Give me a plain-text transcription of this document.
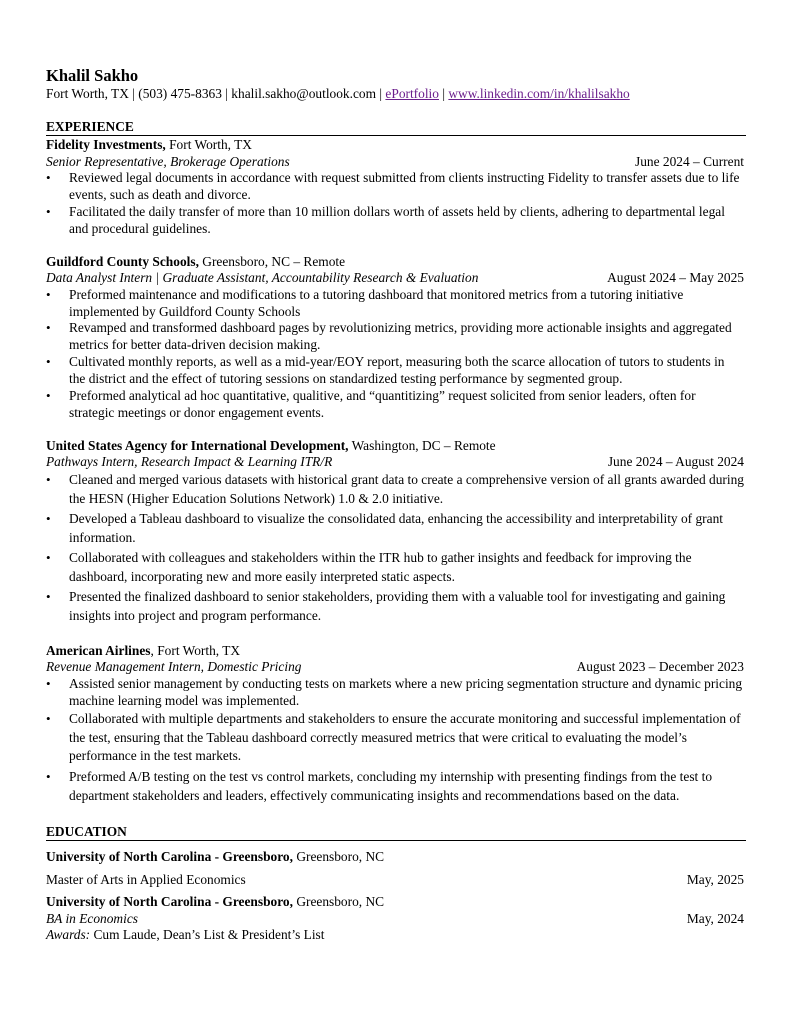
Khalil Sakho
Fort Worth, TX | (503) 475-8363 | khalil.sakho@outlook.com | ePortfolio | www.linkedin.com/in/khalilsakho
EXPERIENCE
Fidelity Investments, Fort Worth, TX
Senior Representative, Brokerage Operations	June 2024 – Current
• Reviewed legal documents in accordance with request submitted from clients instructing Fidelity to transfer assets due to life events, such as death and divorce.
• Facilitated the daily transfer of more than 10 million dollars worth of assets held by clients, adhering to departmental legal and procedural guidelines.
Guildford County Schools, Greensboro, NC – Remote
Data Analyst Intern | Graduate Assistant, Accountability Research & Evaluation	August 2024 – May 2025
• Preformed maintenance and modifications to a tutoring dashboard that monitored metrics from a tutoring initiative implemented by Guildford County Schools
• Revamped and transformed dashboard pages by revolutionizing metrics, providing more actionable insights and aggregated metrics for better data-driven decision making.
• Cultivated monthly reports, as well as a mid-year/EOY report, measuring both the scarce allocation of tutors to students in the district and the effect of tutoring sessions on standardized testing performance by segmented group.
• Preformed analytical ad hoc quantitative, qualitive, and “quantitizing” request solicited from senior leaders, often for strategic meetings or donor engagement events.
United States Agency for International Development, Washington, DC – Remote
Pathways Intern, Research Impact & Learning ITR/R	June 2024 – August 2024
• Cleaned and merged various datasets with historical grant data to create a comprehensive version of all grants awarded during the HESN (Higher Education Solutions Network) 1.0 & 2.0 initiative.
• Developed a Tableau dashboard to visualize the consolidated data, enhancing the accessibility and interpretability of grant information.
• Collaborated with colleagues and stakeholders within the ITR hub to gather insights and feedback for improving the dashboard, incorporating new and more easily interpreted static aspects.
• Presented the finalized dashboard to senior stakeholders, providing them with a valuable tool for investigating and gaining insights into project and program performance.
American Airlines, Fort Worth, TX
Revenue Management Intern, Domestic Pricing	August 2023 – December 2023
• Assisted senior management by conducting tests on markets where a new pricing segmentation structure and dynamic pricing machine learning model was implemented.
• Collaborated with multiple departments and stakeholders to ensure the accurate monitoring and successful implementation of the test, ensuring that the Tableau dashboard correctly measured metrics that were critical to evaluating the model’s performance in the test markets.
• Preformed A/B testing on the test vs control markets, concluding my internship with presenting findings from the test to department stakeholders and leaders, effectively communicating insights and recommendations based on the data.
EDUCATION
University of North Carolina - Greensboro, Greensboro, NC
Master of Arts in Applied Economics	May, 2025
University of North Carolina - Greensboro, Greensboro, NC
BA in Economics	May, 2024
Awards: Cum Laude, Dean’s List & President’s List
